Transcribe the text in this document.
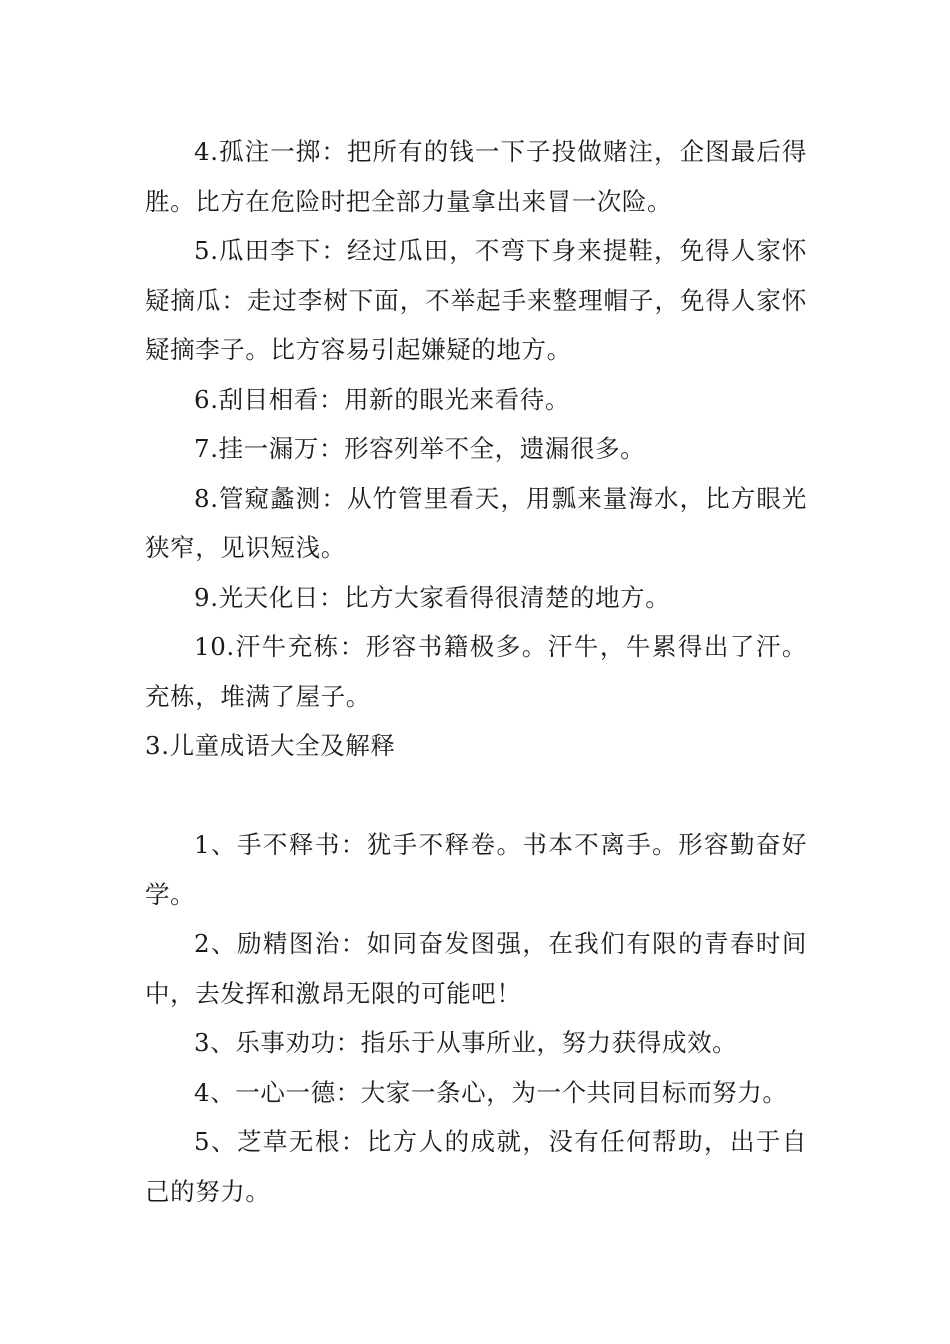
4.孤注一掷：把所有的钱一下子投做赌注，企图最后得胜。比方在危险时把全部力量拿出来冒一次险。

5.瓜田李下：经过瓜田，不弯下身来提鞋，免得人家怀疑摘瓜：走过李树下面，不举起手来整理帽子，免得人家怀疑摘李子。比方容易引起嫌疑的地方。

6.刮目相看：用新的眼光来看待。

7.挂一漏万：形容列举不全，遗漏很多。

8.管窥蠡测：从竹管里看天，用瓢来量海水，比方眼光狭窄，见识短浅。

9.光天化日：比方大家看得很清楚的地方。

10.汗牛充栋：形容书籍极多。汗牛，牛累得出了汗。充栋，堆满了屋子。

3.儿童成语大全及解释

1、手不释书：犹手不释卷。书本不离手。形容勤奋好学。

2、励精图治：如同奋发图强，在我们有限的青春时间中，去发挥和激昂无限的可能吧！

3、乐事劝功：指乐于从事所业，努力获得成效。

4、一心一德：大家一条心，为一个共同目标而努力。

5、芝草无根：比方人的成就，没有任何帮助，出于自己的努力。
